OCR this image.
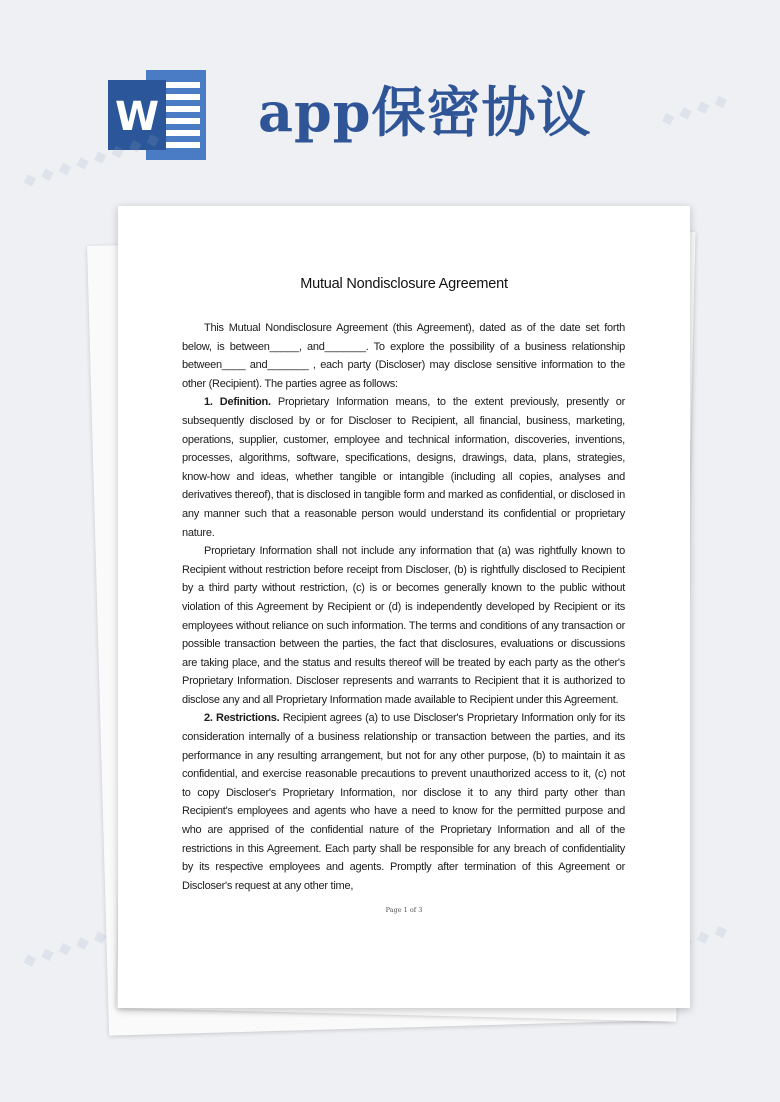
W app保密协议
◆ ◆ ◆ ◆ ◆ ◆ ◆ ◆
◆ ◆ ◆ ◆
◆ ◆ ◆ ◆ ◆ ◆ ◆ ◆	◆ ◆ ◆ ◆
Mutual Nondisclosure Agreement

This Mutual Nondisclosure Agreement (this Agreement), dated as of the date set forth below, is between_____, and_______. To explore the possibility of a business relationship between____ and_______ , each party (Discloser) may disclose sensitive information to the other (Recipient). The parties agree as follows:

1. Definition. Proprietary Information means, to the extent previously, presently or subsequently disclosed by or for Discloser to Recipient, all financial, business, marketing, operations, supplier, customer, employee and technical information, discoveries, inventions, processes, algorithms, software, specifications, designs, drawings, data, plans, strategies, know-how and ideas, whether tangible or intangible (including all copies, analyses and derivatives thereof), that is disclosed in tangible form and marked as confidential, or disclosed in any manner such that a reasonable person would understand its confidential or proprietary nature.

Proprietary Information shall not include any information that (a) was rightfully known to Recipient without restriction before receipt from Discloser, (b) is rightfully disclosed to Recipient by a third party without restriction, (c) is or becomes generally known to the public without violation of this Agreement by Recipient or (d) is independently developed by Recipient or its employees without reliance on such information. The terms and conditions of any transaction or possible transaction between the parties, the fact that disclosures, evaluations or discussions are taking place, and the status and results thereof will be treated by each party as the other's Proprietary Information. Discloser represents and warrants to Recipient that it is authorized to disclose any and all Proprietary Information made available to Recipient under this Agreement.

2. Restrictions. Recipient agrees (a) to use Discloser's Proprietary Information only for its consideration internally of a business relationship or transaction between the parties, and its performance in any resulting arrangement, but not for any other purpose, (b) to maintain it as confidential, and exercise reasonable precautions to prevent unauthorized access to it, (c) not to copy Discloser's Proprietary Information, nor disclose it to any third party other than Recipient's employees and agents who have a need to know for the permitted purpose and who are apprised of the confidential nature of the Proprietary Information and all of the restrictions in this Agreement. Each party shall be responsible for any breach of confidentiality by its respective employees and agents. Promptly after termination of this Agreement or Discloser's request at any other time,

Page 1 of 3
